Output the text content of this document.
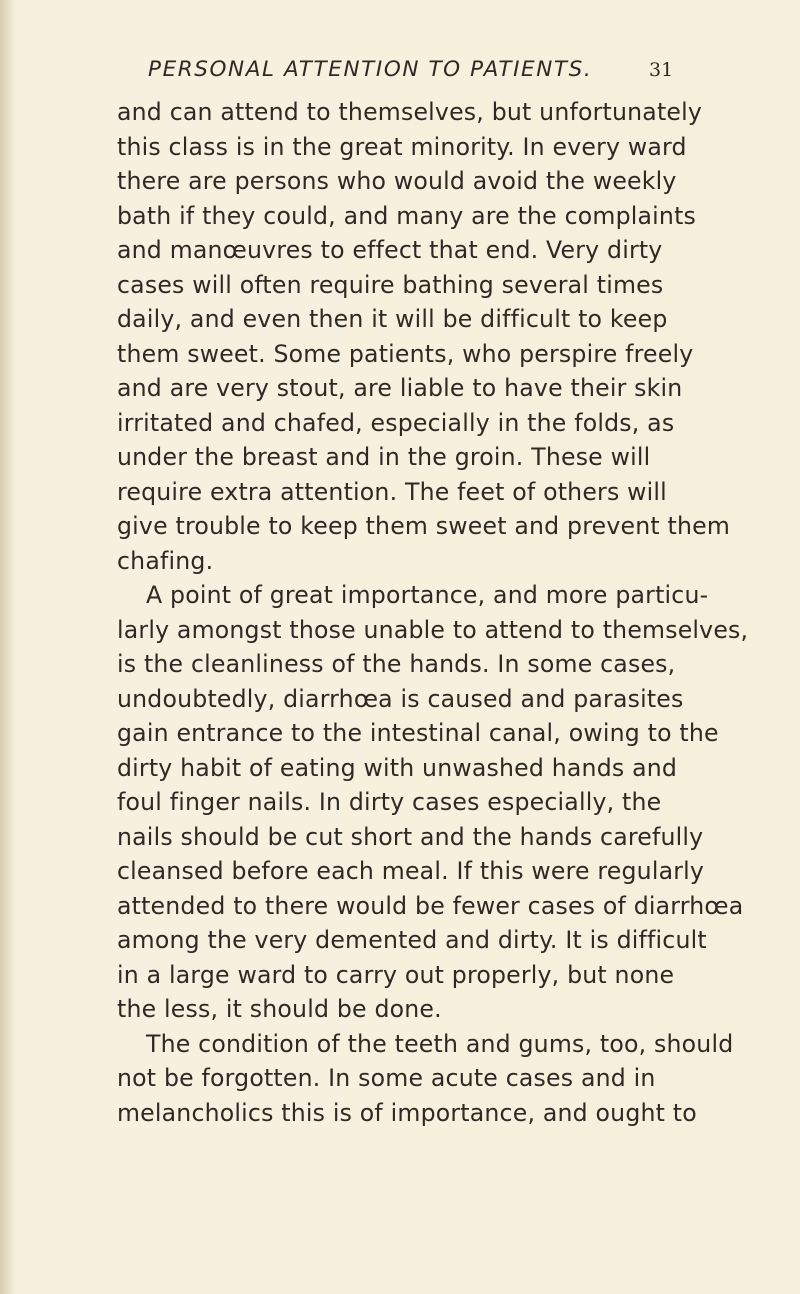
PERSONAL ATTENTION TO PATIENTS.	31
and can attend to themselves, but unfortunately
this class is in the great minority. In every ward
there are persons who would avoid the weekly
bath if they could, and many are the complaints
and manœuvres to effect that end. Very dirty
cases will often require bathing several times
daily, and even then it will be difficult to keep
them sweet. Some patients, who perspire freely
and are very stout, are liable to have their skin
irritated and chafed, especially in the folds, as
under the breast and in the groin. These will
require extra attention. The feet of others will
give trouble to keep them sweet and prevent them
chafing.
A point of great importance, and more particu-
larly amongst those unable to attend to themselves,
is the cleanliness of the hands. In some cases,
undoubtedly, diarrhœa is caused and parasites
gain entrance to the intestinal canal, owing to the
dirty habit of eating with unwashed hands and
foul finger nails. In dirty cases especially, the
nails should be cut short and the hands carefully
cleansed before each meal. If this were regularly
attended to there would be fewer cases of diarrhœa
among the very demented and dirty. It is difficult
in a large ward to carry out properly, but none
the less, it should be done.
The condition of the teeth and gums, too, should
not be forgotten. In some acute cases and in
melancholics this is of importance, and ought to
